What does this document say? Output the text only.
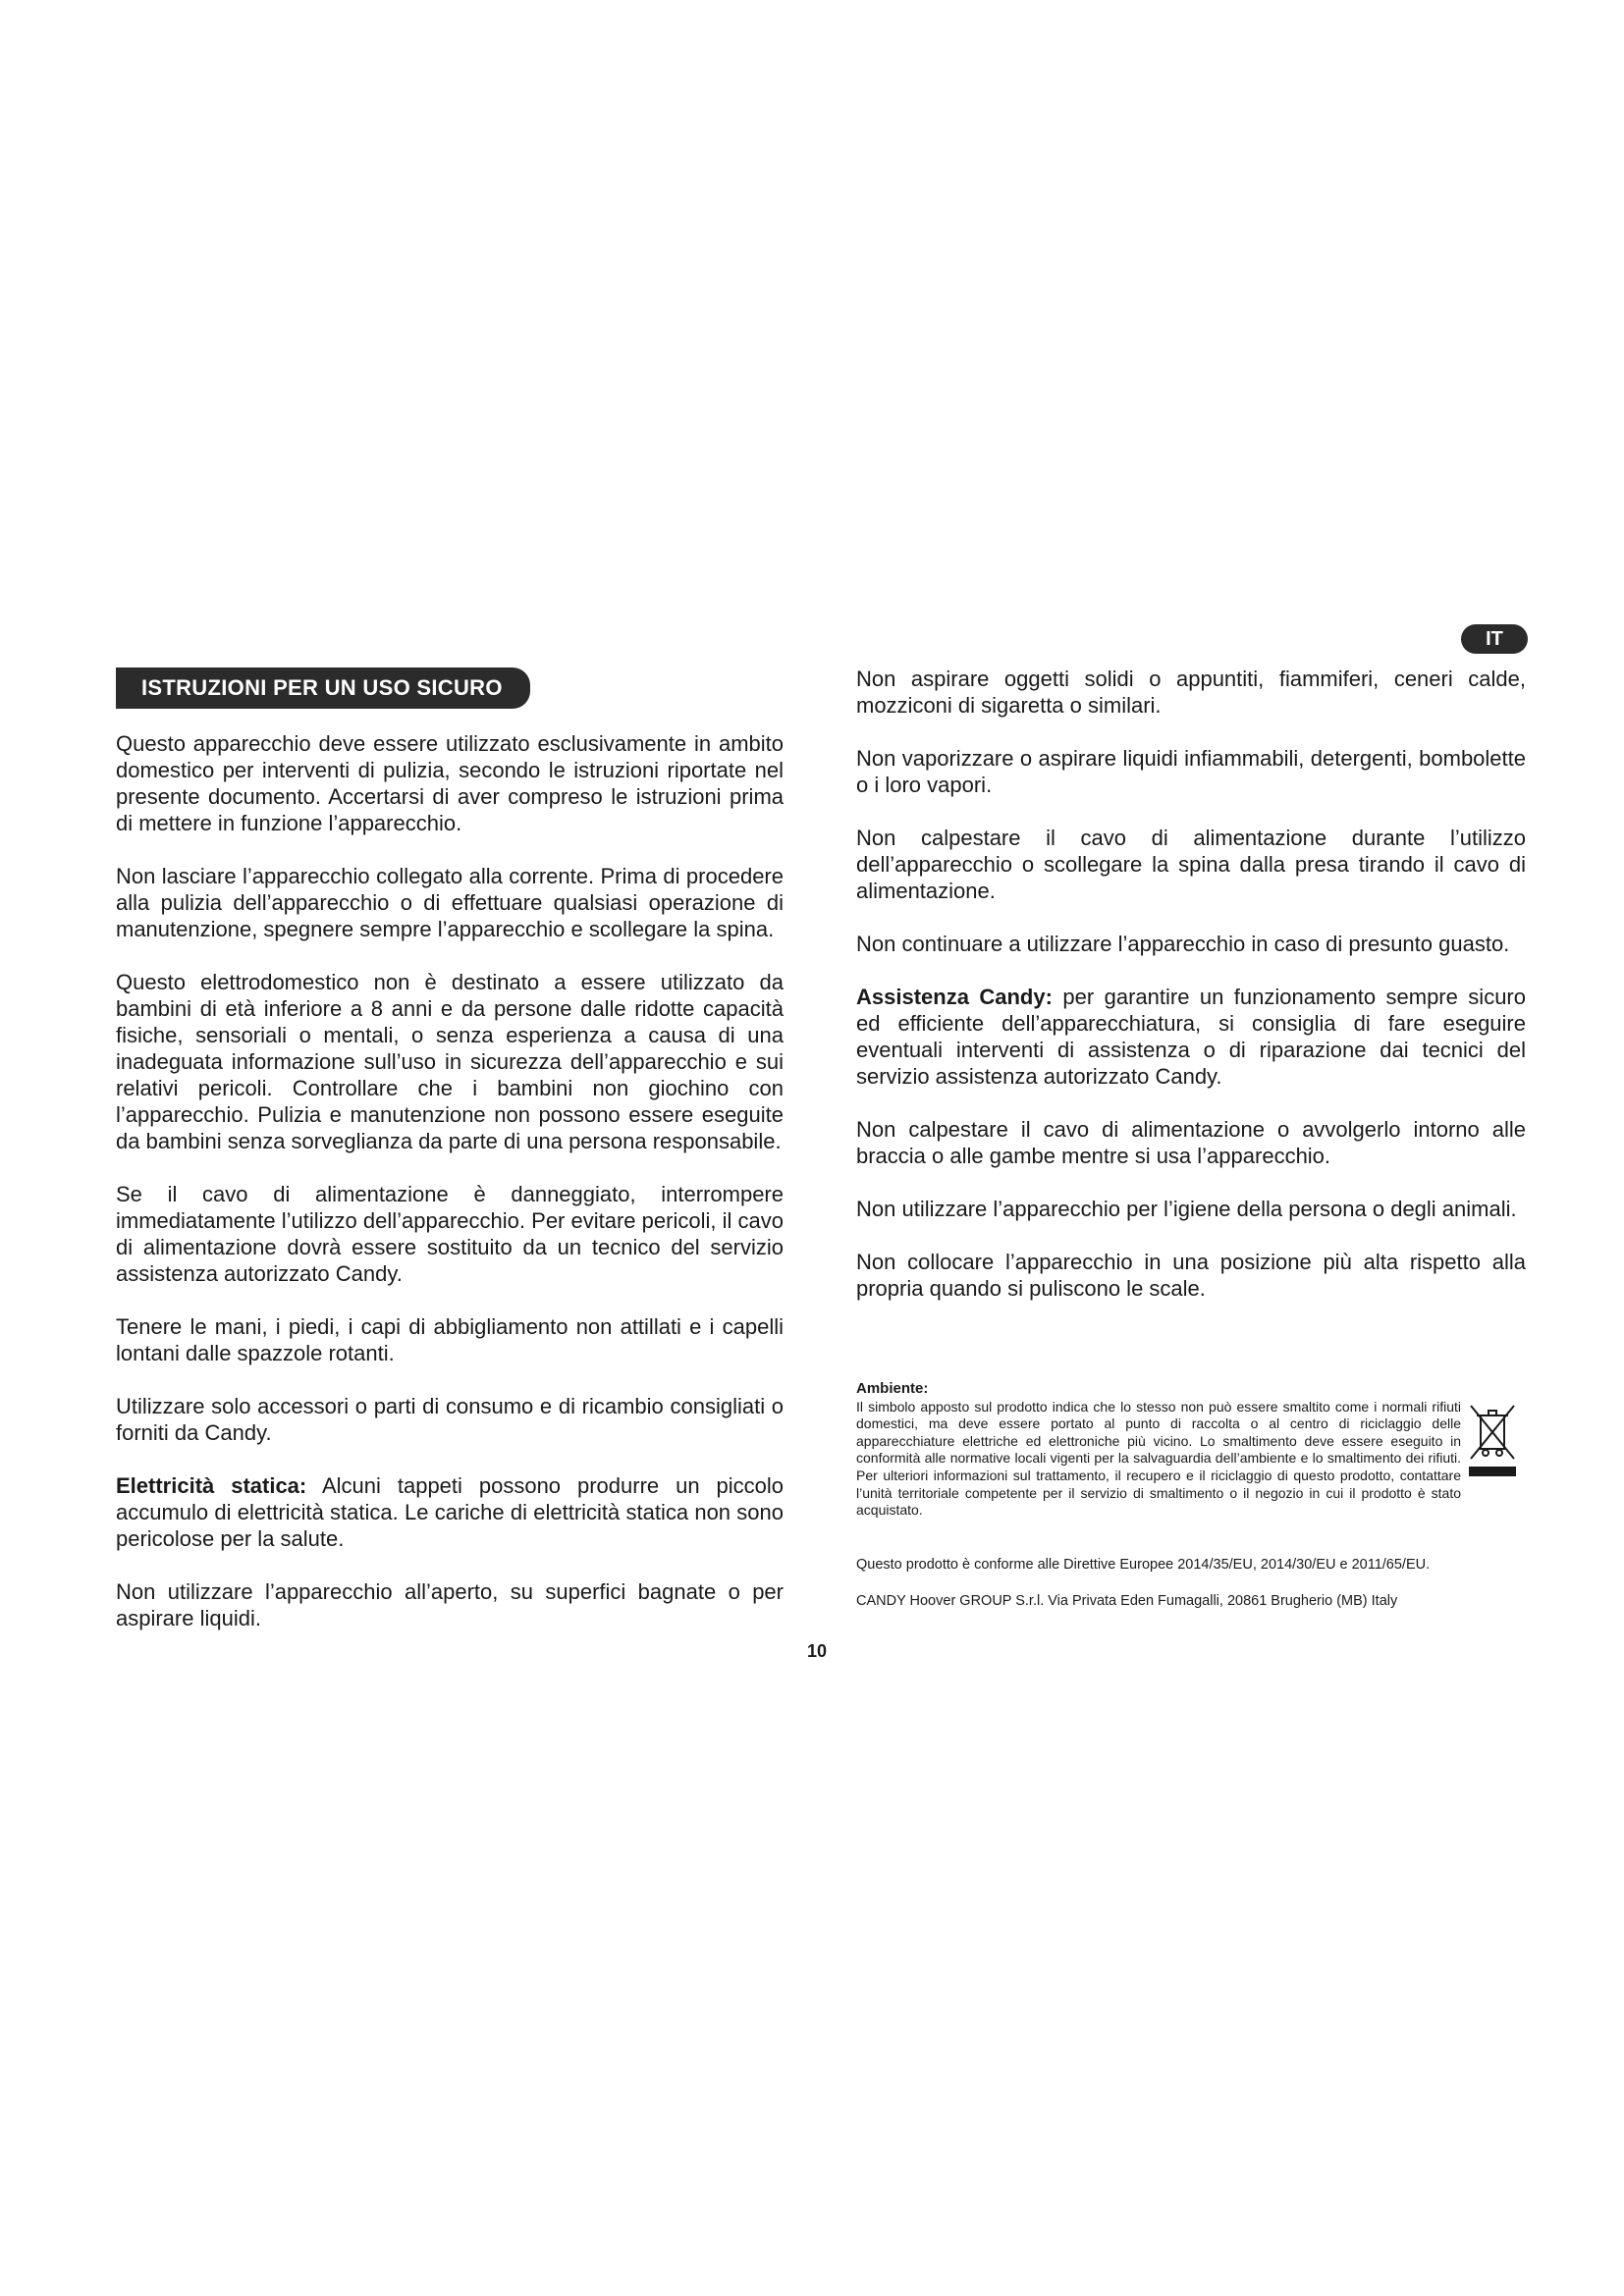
IT
ISTRUZIONI PER UN USO SICURO

Questo apparecchio deve essere utilizzato esclusivamente in ambito domestico per interventi di pulizia, secondo le istruzioni riportate nel presente documento. Accertarsi di aver compreso le istruzioni prima di mettere in funzione l’apparecchio.

Non lasciare l’apparecchio collegato alla corrente. Prima di procedere alla pulizia dell’apparecchio o di effettuare qualsiasi operazione di manutenzione, spegnere sempre l’apparecchio e scollegare la spina.

Questo elettrodomestico non è destinato a essere utilizzato da bambini di età inferiore a 8 anni e da persone dalle ridotte capacità fisiche, sensoriali o mentali, o senza esperienza a causa di una inadeguata informazione sull’uso in sicurezza dell’apparecchio e sui relativi pericoli. Controllare che i bambini non giochino con l’apparecchio. Pulizia e manutenzione non possono essere eseguite da bambini senza sorveglianza da parte di una persona responsabile.

Se il cavo di alimentazione è danneggiato, interrompere immediatamente l’utilizzo dell’apparecchio. Per evitare pericoli, il cavo di alimentazione dovrà essere sostituito da un tecnico del servizio assistenza autorizzato Candy.

Tenere le mani, i piedi, i capi di abbigliamento non attillati e i capelli lontani dalle spazzole rotanti.

Utilizzare solo accessori o parti di consumo e di ricambio consigliati o forniti da Candy.

Elettricità statica: Alcuni tappeti possono produrre un piccolo accumulo di elettricità statica. Le cariche di elettricità statica non sono pericolose per la salute.

Non utilizzare l’apparecchio all’aperto, su superfici bagnate o per aspirare liquidi.

Non aspirare oggetti solidi o appuntiti, fiammiferi, ceneri calde, mozziconi di sigaretta o similari.

Non vaporizzare o aspirare liquidi infiammabili, detergenti, bombolette o i loro vapori.

Non calpestare il cavo di alimentazione durante l’utilizzo dell’apparecchio o scollegare la spina dalla presa tirando il cavo di alimentazione.

Non continuare a utilizzare l’apparecchio in caso di presunto guasto.

Assistenza Candy: per garantire un funzionamento sempre sicuro ed efficiente dell’apparecchiatura, si consiglia di fare eseguire eventuali interventi di assistenza o di riparazione dai tecnici del servizio assistenza autorizzato Candy.

Non calpestare il cavo di alimentazione o avvolgerlo intorno alle braccia o alle gambe mentre si usa l’apparecchio.

Non utilizzare l’apparecchio per l’igiene della persona o degli animali.

Non collocare l’apparecchio in una posizione più alta rispetto alla propria quando si puliscono le scale.

Ambiente:
Il simbolo apposto sul prodotto indica che lo stesso non può essere smaltito come i normali rifiuti domestici, ma deve essere portato al punto di raccolta o al centro di riciclaggio delle apparecchiature elettriche ed elettroniche più vicino. Lo smaltimento deve essere eseguito in conformità alle normative locali vigenti per la salvaguardia dell’ambiente e lo smaltimento dei rifiuti. Per ulteriori informazioni sul trattamento, il recupero e il riciclaggio di questo prodotto, contattare l’unità territoriale competente per il servizio di smaltimento o il negozio in cui il prodotto è stato acquistato.
Questo prodotto è conforme alle Direttive Europee 2014/35/EU, 2014/30/EU e 2011/65/EU.
CANDY Hoover GROUP S.r.l. Via Privata Eden Fumagalli, 20861 Brugherio (MB) Italy
10
